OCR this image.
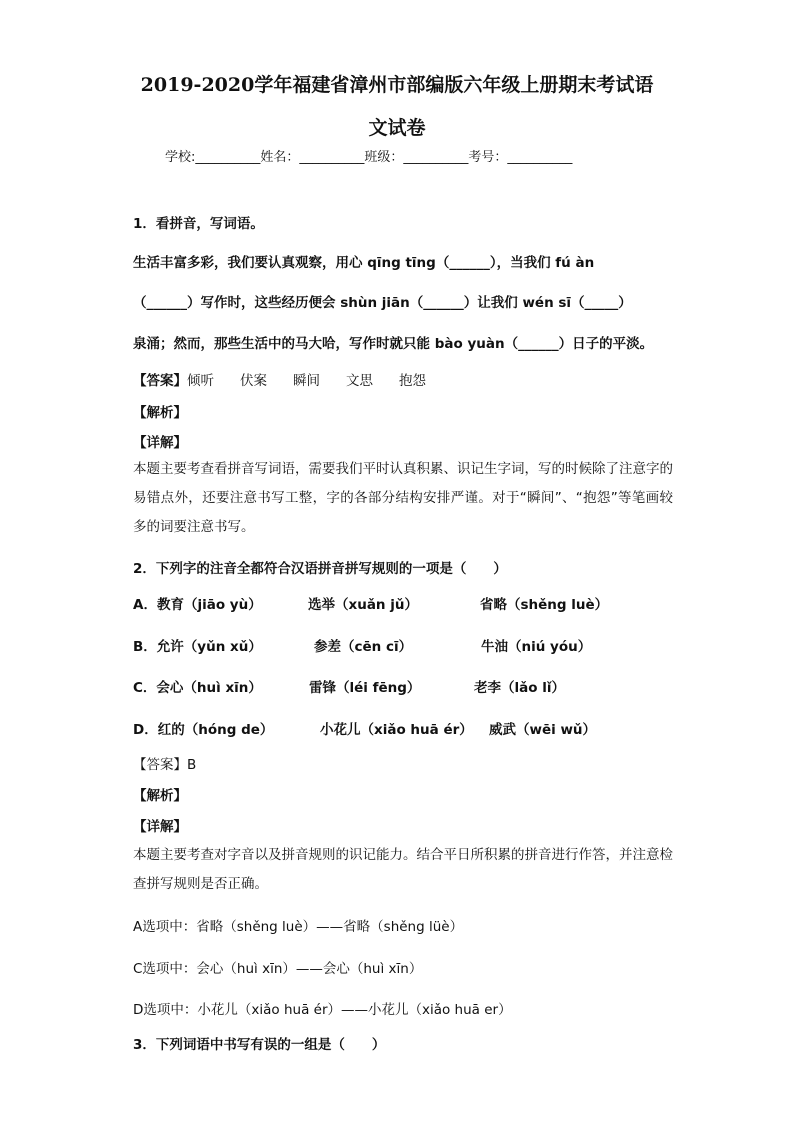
2019-2020学年福建省漳州市部编版六年级上册期末考试语
文试卷
学校:__________姓名：__________班级：__________考号：__________
1．看拼音，写词语。
生活丰富多彩，我们要认真观察，用心 qīng tīng（______），当我们 fú àn
（______）写作时，这些经历便会 shùn jiān（______）让我们 wén sī（_____）
泉涌；然而，那些生活中的马大哈，写作时就只能 bào yuàn（______）日子的平淡。
【答案】倾听 伏案 瞬间 文思 抱怨
【解析】
【详解】
本题主要考查看拼音写词语，需要我们平时认真积累、识记生字词，写的时候除了注意字的易错点外，还要注意书写工整，字的各部分结构安排严谨。对于“瞬间”、“抱怨”等笔画较多的词要注意书写。
2．下列字的注音全都符合汉语拼音拼写规则的一项是（　　）
A．教育（jiāo yù）	选举（xuǎn jǔ）	省略（shěng luè）
B．允许（yǔn xǔ）	参差（cēn cī）	牛油（niú yóu）
C．会心（huì xīn）	雷锋（léi fēng）	老李（lǎo lǐ）
D．红的（hóng de）	小花儿（xiǎo huā ér） 威武（wēi wǔ）
【答案】B
【解析】
【详解】
本题主要考查对字音以及拼音规则的识记能力。结合平日所积累的拼音进行作答，并注意检查拼写规则是否正确。
A选项中：省略（shěng luè）——省略（shěng lüè）
C选项中：会心（huì xīn）——会心（huì xīn）
D选项中：小花儿（xiǎo huā ér）——小花儿（xiǎo huā er）
3．下列词语中书写有误的一组是（　　）
